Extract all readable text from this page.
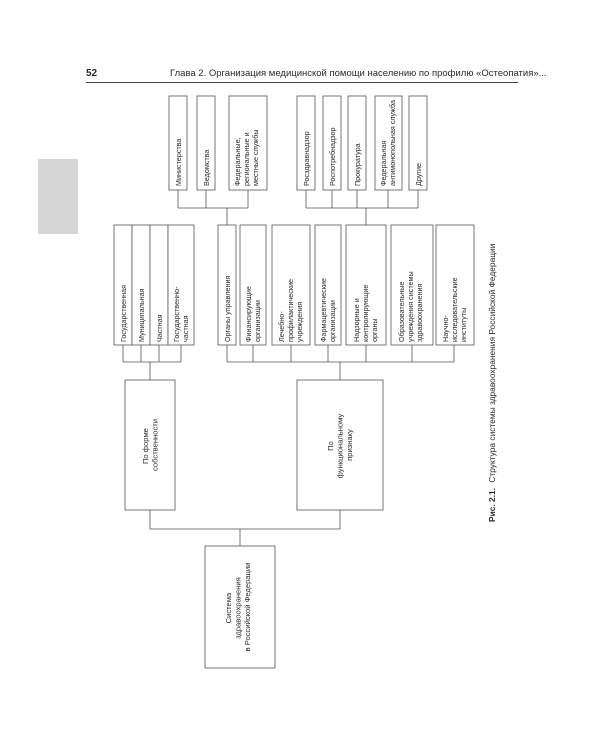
52	Глава 2. Организация медицинской помощи населению по профилю «Остеопатия»...
Система здравоохранения в Российской Федерации
По форме собственности	По функциональному признаку
Государственная Муниципальная Частная Государственно- частная	Органы управления Финансирующие организации Лечебно- профилактические учреждения Фармацевтические организации Надзорные и контролирующие органы	Образовательные учреждения системы здравоохранения Научно- исследовательские институты
Министерства	Ведомства	Федеральные, региональные и местные службы	Росздравнадзор Роспотребнадзор Прокуратура Федеральная антимонопольная служба Другие
Рис. 2.1. Структура системы здравоохранения Российской Федерации
